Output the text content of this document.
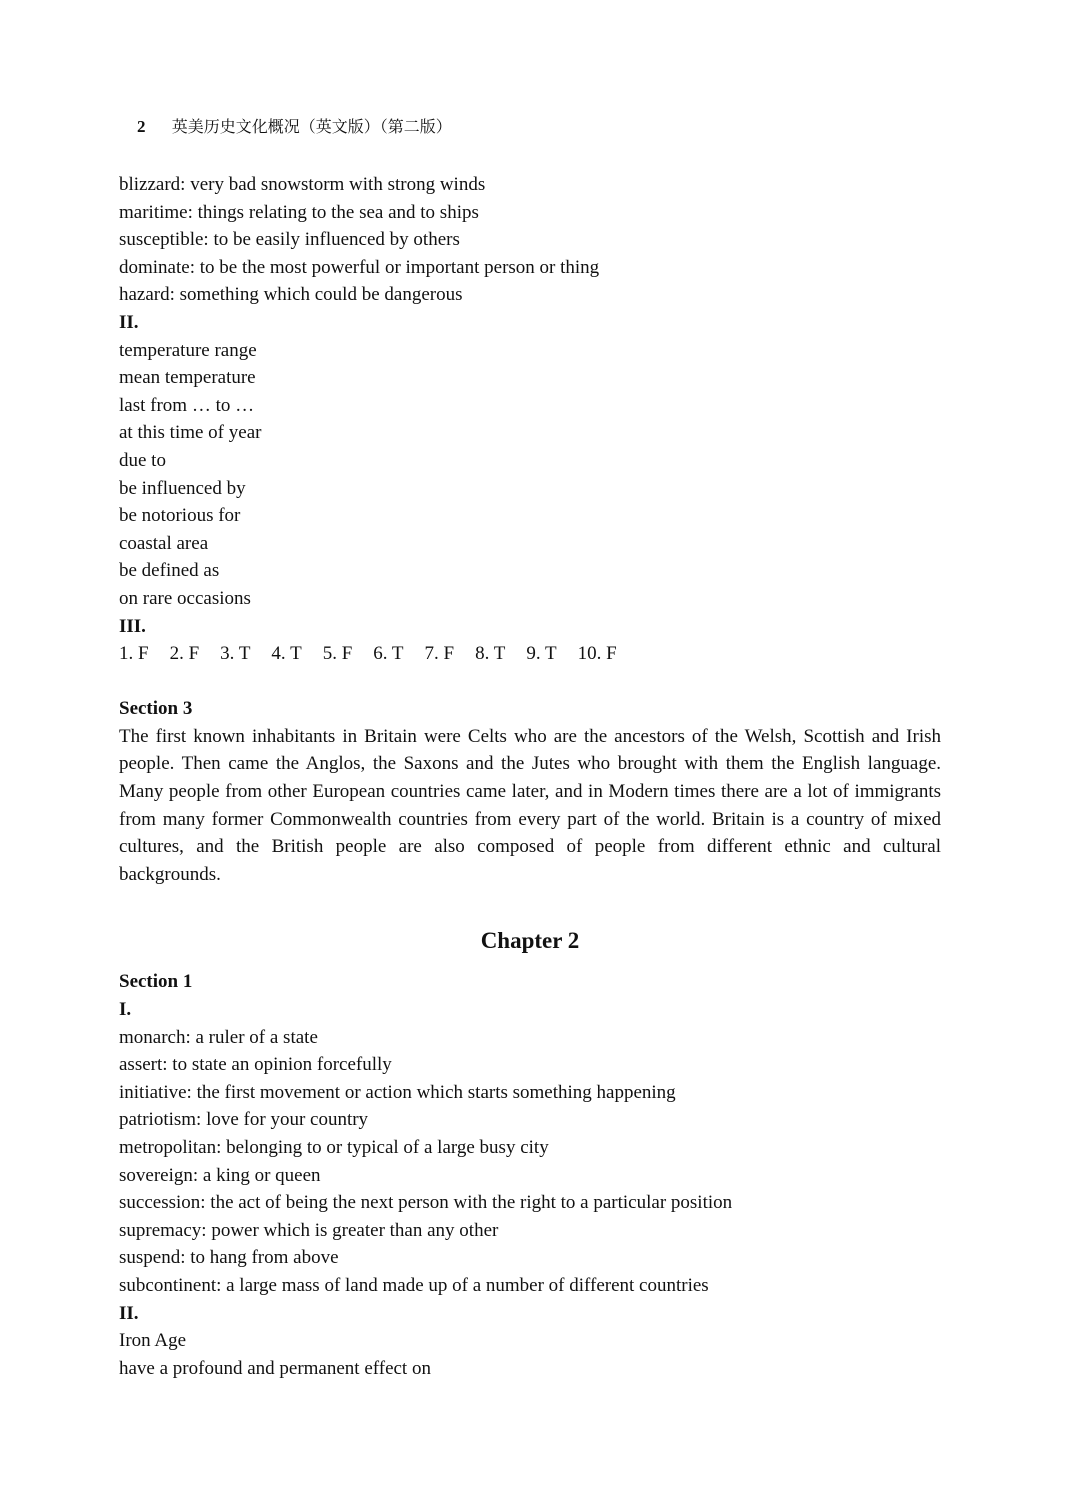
2 英美历史文化概况（英文版）（第二版）
blizzard: very bad snowstorm with strong winds
maritime: things relating to the sea and to ships
susceptible: to be easily influenced by others
dominate: to be the most powerful or important person or thing
hazard: something which could be dangerous
II.
temperature range
mean temperature
last from … to …
at this time of year
due to
be influenced by
be notorious for
coastal area
be defined as
on rare occasions
III.
1. F 2. F 3. T 4. T 5. F 6. T 7. F 8. T 9. T 10. F
Section 3
The first known inhabitants in Britain were Celts who are the ancestors of the Welsh, Scottish and Irish people. Then came the Anglos, the Saxons and the Jutes who brought with them the English language. Many people from other European countries came later, and in Modern times there are a lot of immigrants from many former Commonwealth countries from every part of the world. Britain is a country of mixed cultures, and the British people are also composed of people from different ethnic and cultural backgrounds.
Chapter 2
Section 1
I.
monarch: a ruler of a state
assert: to state an opinion forcefully
initiative: the first movement or action which starts something happening
patriotism: love for your country
metropolitan: belonging to or typical of a large busy city
sovereign: a king or queen
succession: the act of being the next person with the right to a particular position
supremacy: power which is greater than any other
suspend: to hang from above
subcontinent: a large mass of land made up of a number of different countries
II.
Iron Age
have a profound and permanent effect on
